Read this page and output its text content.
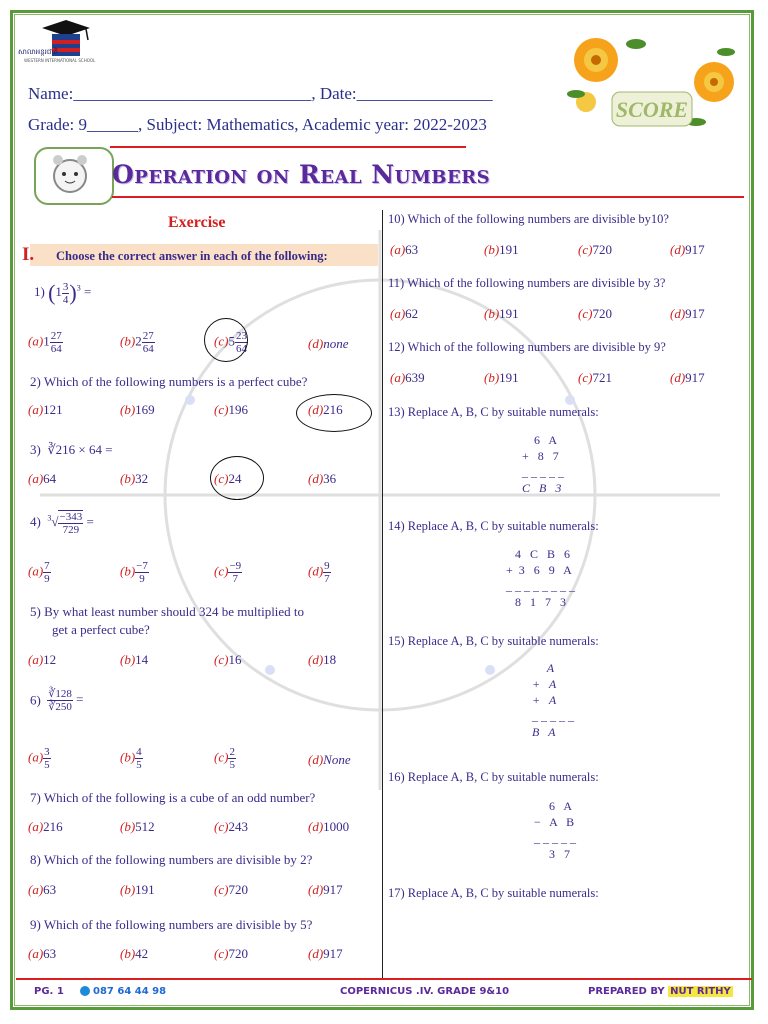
សាលាអន្តរជាតិ
WESTERN INTERNATIONAL SCHOOL
Name:____________________________, Date:________________
Grade: 9______, Subject: Mathematics, Academic year: 2022-2023
SCORE
Operation on Real Numbers
Exercise
I. Choose the correct answer in each of the following:
1) $(1 \frac{3}{4} )^3$ =
$(a)1 \frac{27}{64}$	$(b)2 \frac{27}{64}$	$(c)5 \frac{23}{64}$	(d)none
2) Which of the following numbers is a perfect cube?
(a)121	(b)169	(c)196	(d)216
3) ∛216 × 64 =
(a)64	(b)32	(c)24	(d)36
4) $^3√ \frac{-343}{729}$ =
$(a) \frac{7}{9}$	$(b) \frac{-7}{9}$	$(c) \frac{-9}{7}$	$(d) \frac{9}{7}$
5) By what least number should 324 be multiplied to
get a perfect cube?
(a)12	(b)14	(c)16	(d)18
$6) \frac{∛128}{∛250}$ =
$(a) \frac{3}{5}$	$(b) \frac{4}{5}$	$(c) \frac{2}{5}$	(d)None
7) Which of the following is a cube of an odd number?
(a)216	(b)512	(c)243	(d)1000
8) Which of the following numbers are divisible by 2?
(a)63	(b)191	(c)720	(d)917
9) Which of the following numbers are divisible by 5?
(a)63	(b)42	(c)720	(d)917
10) Which of the following numbers are divisible by10?
(a)63	(b)191	(c)720	(d)917
11) Which of the following numbers are divisible by 3?
(a)62	(b)191	(c)720	(d)917
12) Which of the following numbers are divisible by 9?
(a)639	(b)191	(c)721	(d)917
13) Replace A, B, C by suitable numerals:
6   A
+   8   7
_ _ _ _ _
C   B   3
14) Replace A, B, C by suitable numerals:
4   C   B   6
+  3   6   9   A
_ _ _ _ _ _ _ _
8   1   7   3
15) Replace A, B, C by suitable numerals:
A
+   A
+   A
_ _ _ _ _
B   A
16) Replace A, B, C by suitable numerals:
6   A
−   A   B
_ _ _ _ _
3   7
17) Replace A, B, C by suitable numerals:
PG. 1	087 64 44 98	COPERNICUS .IV. GRADE 9&10	PREPARED BY NUT RITHY
